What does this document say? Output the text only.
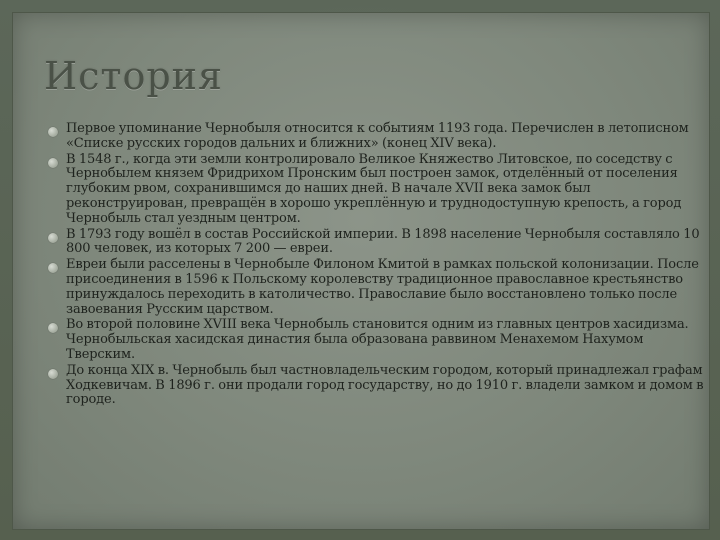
История
Первое упоминание Чернобыля относится к событиям 1193 года. Перечислен в летописном «Списке русских городов дальних и ближних» (конец XIV века).
В 1548 г., когда эти земли контролировало Великое Княжество Литовское, по соседству с Чернобылем князем Фридрихом Пронским был построен замок, отделённый от поселения глубоким рвом, сохранившимся до наших дней. В начале XVII века замок был реконструирован, превращён в хорошо укреплённую и труднодоступную крепость, а город Чернобыль стал уездным центром.
В 1793 году вошёл в состав Российской империи. В 1898 население Чернобыля составляло 10 800 человек, из которых 7 200 — евреи.
Евреи были расселены в Чернобыле Филоном Кмитой в рамках польской колонизации. После присоединения в 1596 к Польскому королевству традиционное православное крестьянство принуждалось переходить в католичество. Православие было восстановлено только после завоевания Русским царством.
Во второй половине XVIII века Чернобыль становится одним из главных центров хасидизма. Чернобыльская хасидская династия была образована раввином Менахемом Нахумом Тверским.
До конца XIX в. Чернобыль был частновладельческим городом, который принадлежал графам Ходкевичам. В 1896 г. они продали город государству, но до 1910 г. владели замком и домом в городе.
